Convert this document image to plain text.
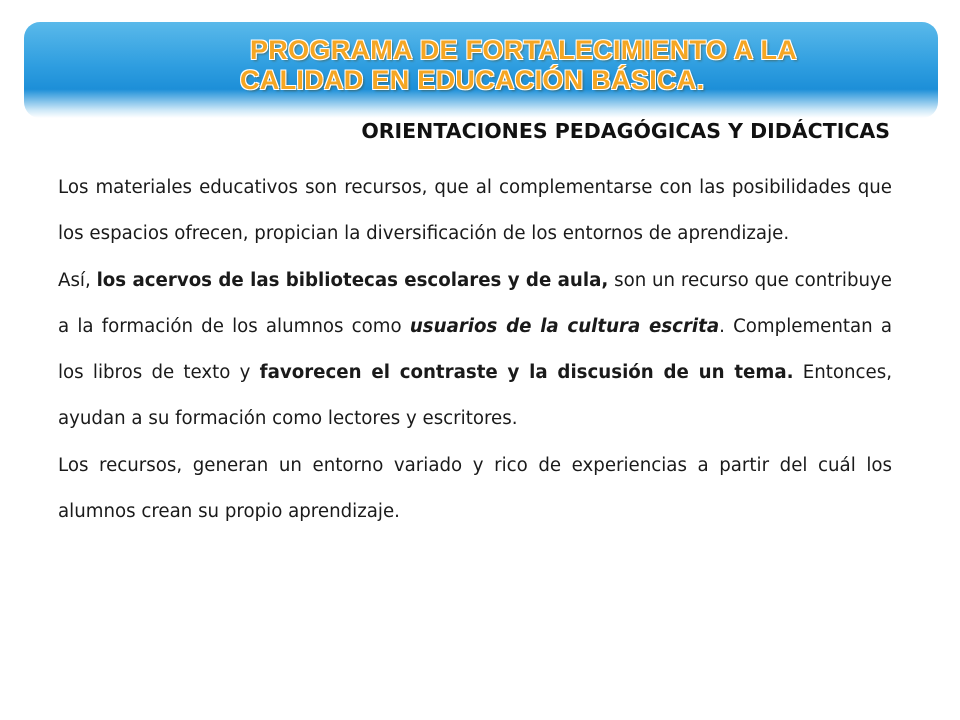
PROGRAMA DE FORTALECIMIENTO A LA
CALIDAD EN EDUCACIÓN BÁSICA.
ORIENTACIONES PEDAGÓGICAS Y DIDÁCTICAS

Los materiales educativos son recursos, que al complementarse con las posibilidades que los espacios ofrecen, propician la diversificación de los entornos de aprendizaje.

Así, los acervos de las bibliotecas escolares y de aula, son un recurso que contribuye a la formación de los alumnos como usuarios de la cultura escrita. Complementan a los libros de texto y favorecen el contraste y la discusión de un tema. Entonces, ayudan a su formación como lectores y escritores.

Los recursos, generan un entorno variado y rico de experiencias a partir del cuál los alumnos crean su propio aprendizaje.
